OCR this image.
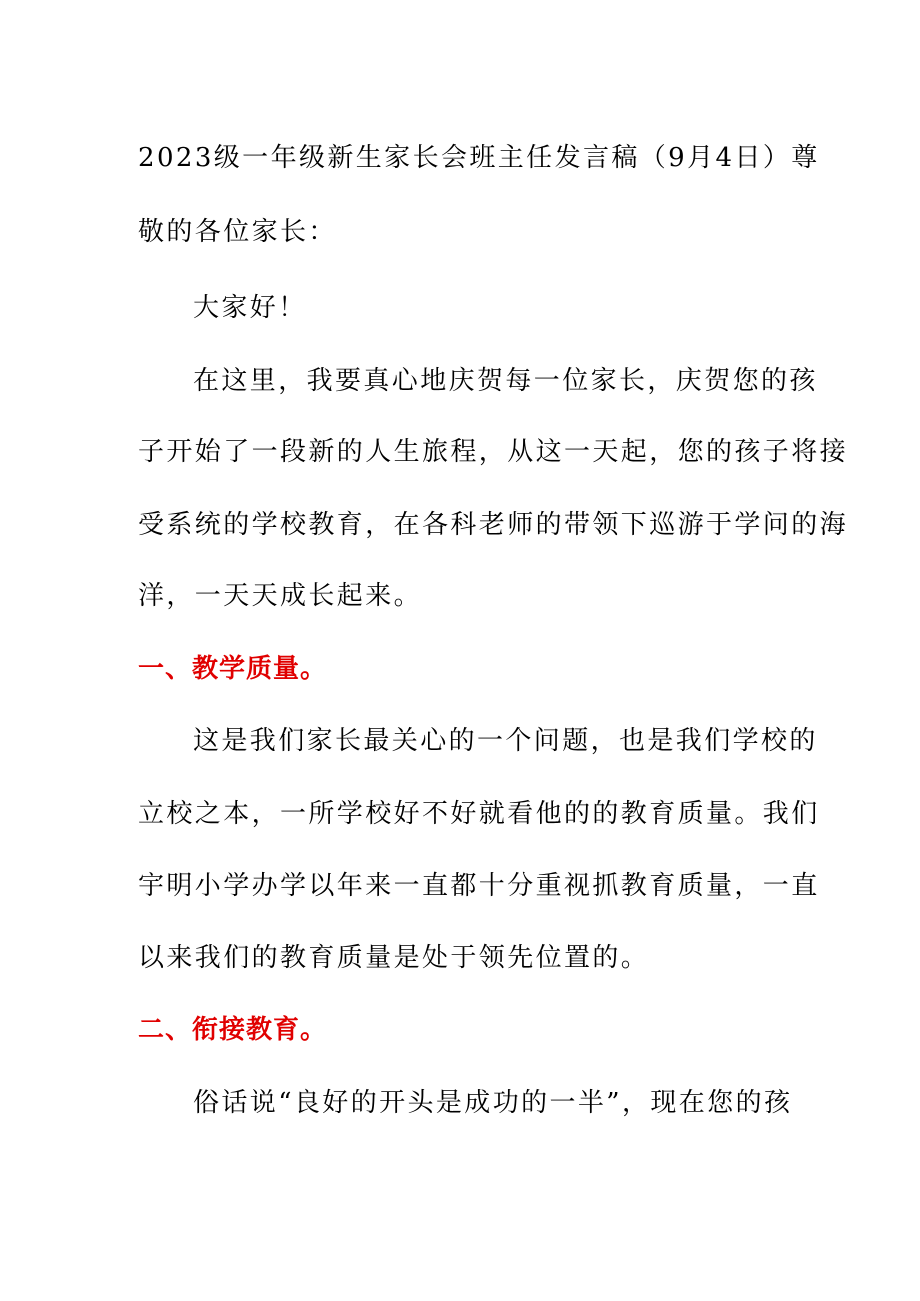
2023级一年级新生家长会班主任发言稿（9月4日）尊
敬的各位家长：
大家好！
在这里，我要真心地庆贺每一位家长，庆贺您的孩
子开始了一段新的人生旅程，从这一天起，您的孩子将接
受系统的学校教育，在各科老师的带领下巡游于学问的海
洋，一天天成长起来。
一、教学质量。
这是我们家长最关心的一个问题，也是我们学校的
立校之本，一所学校好不好就看他的的教育质量。我们
宇明小学办学以年来一直都十分重视抓教育质量，一直
以来我们的教育质量是处于领先位置的。
二、衔接教育。
俗话说“良好的开头是成功的一半”，现在您的孩
